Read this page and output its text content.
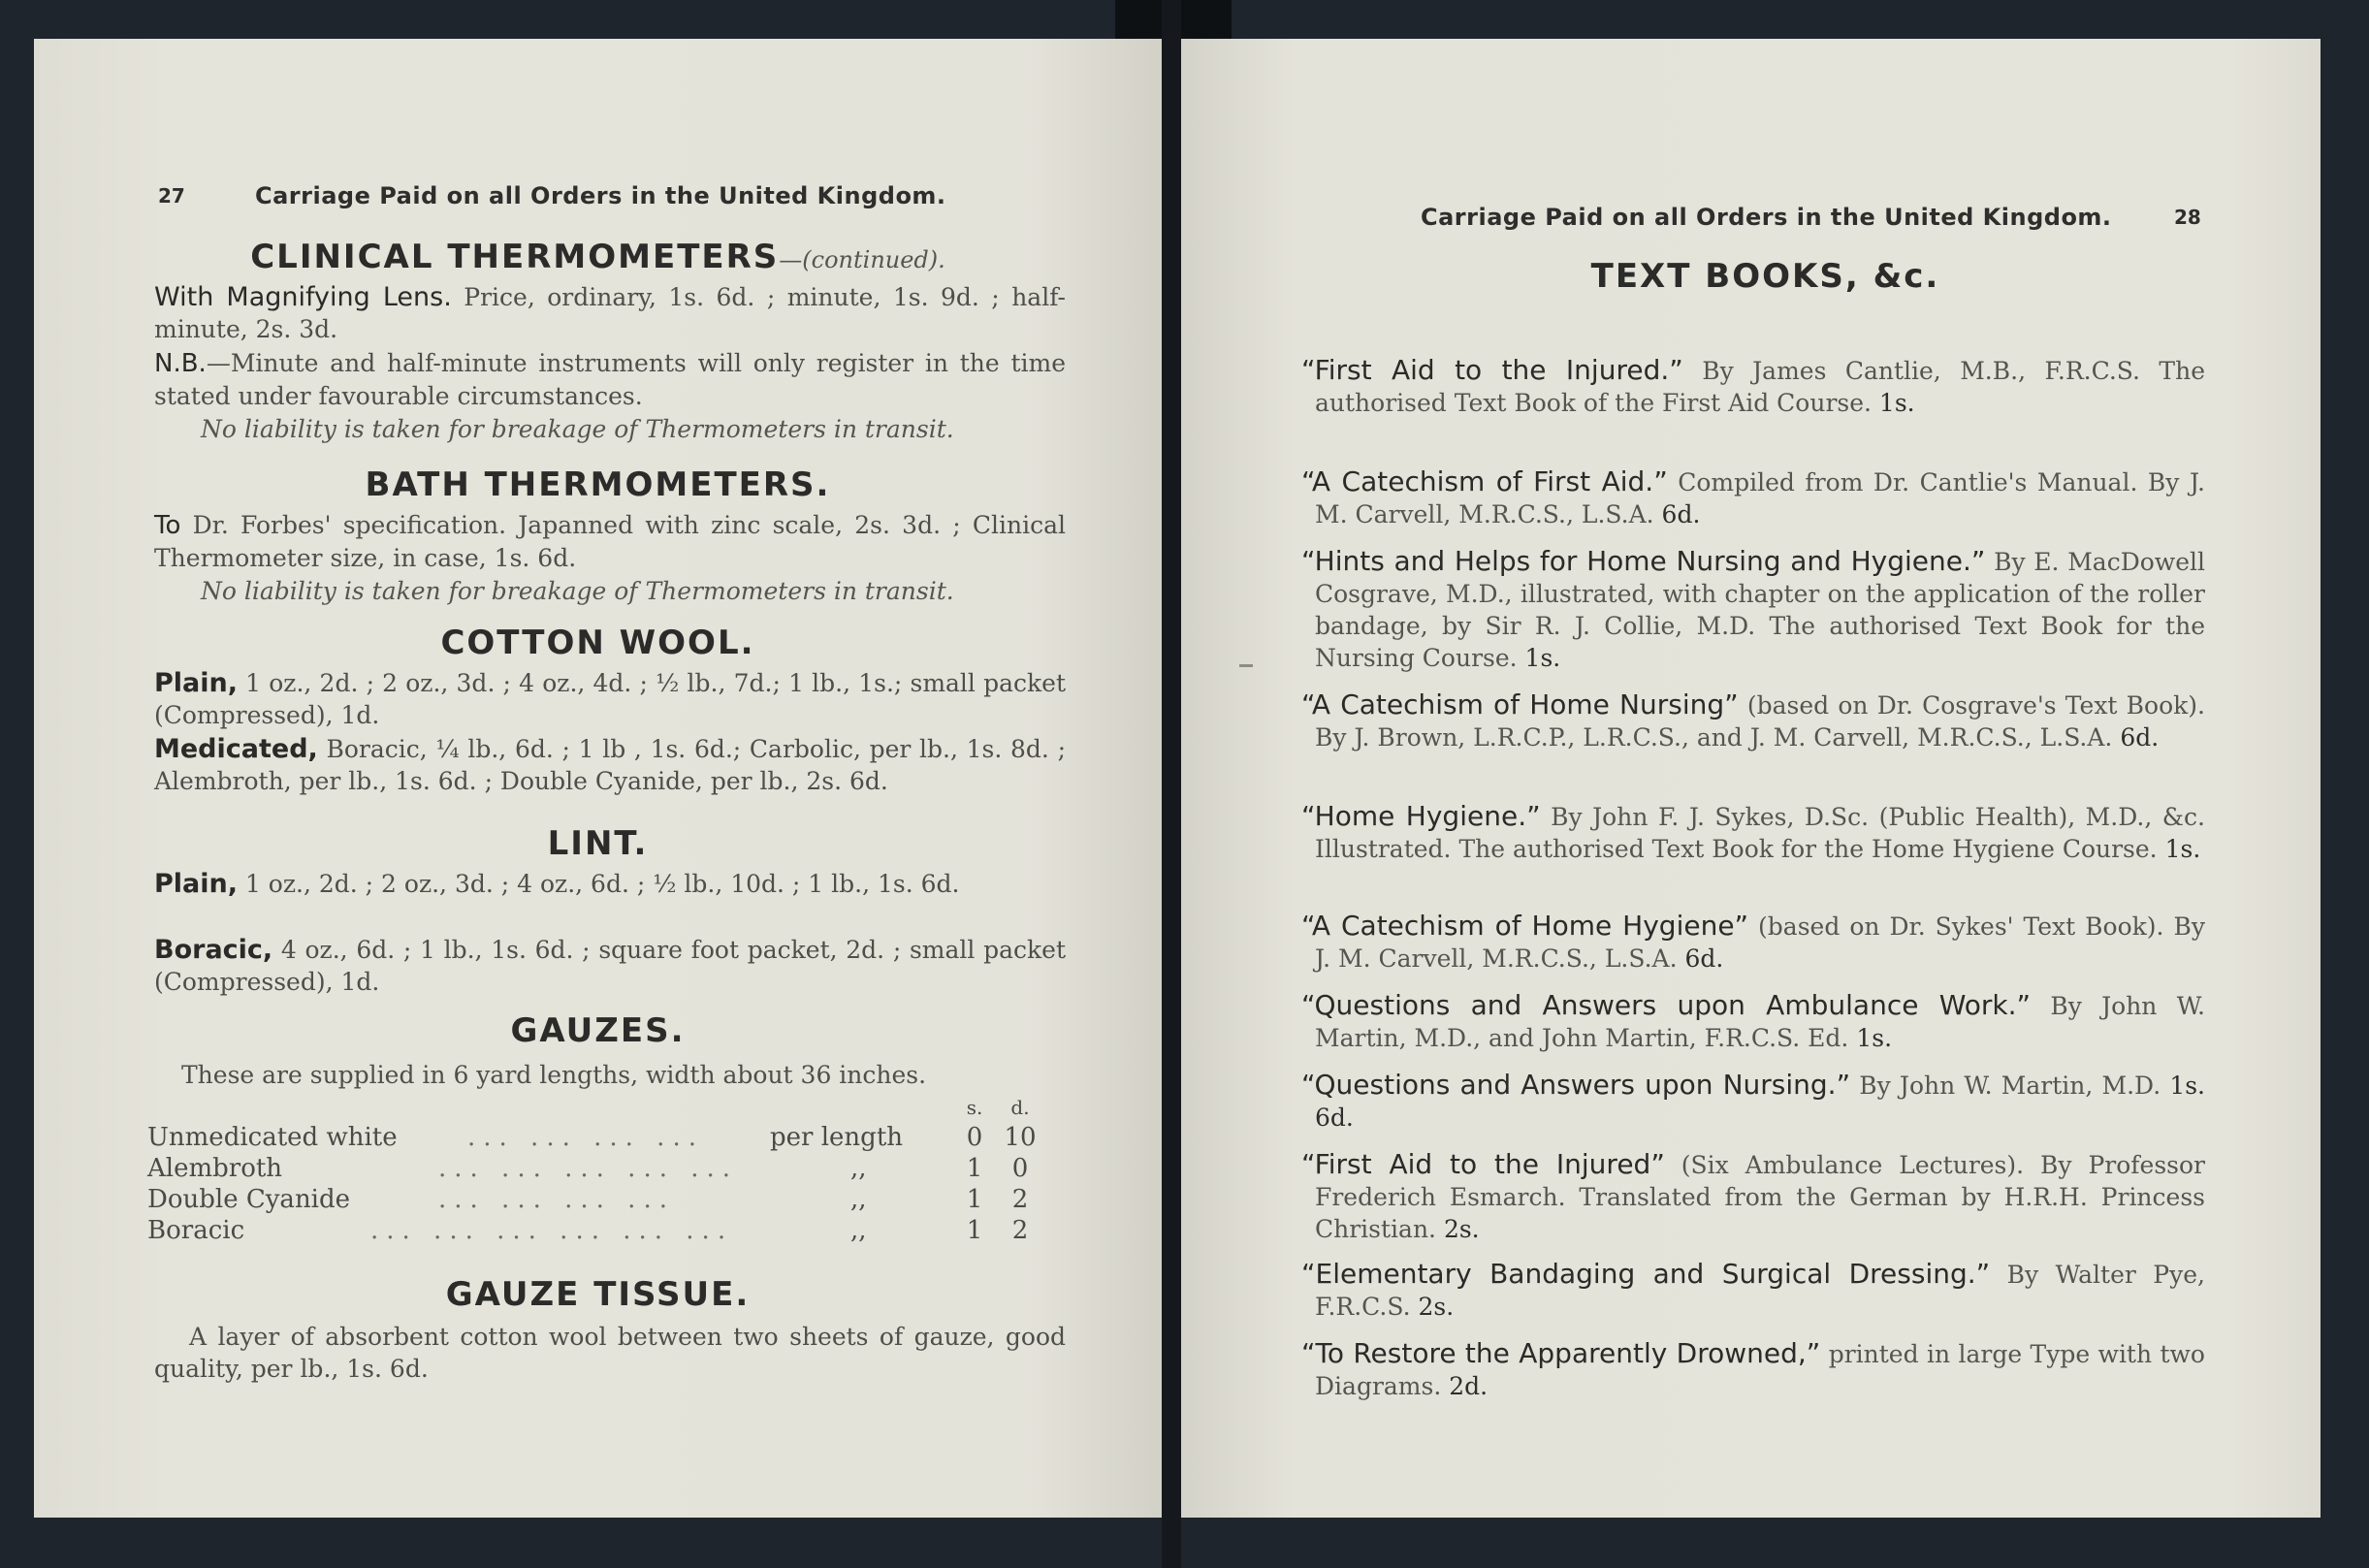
27	Carriage Paid on all Orders in the United Kingdom.
CLINICAL THERMOMETERS—(continued).
With Magnifying Lens. Price, ordinary, 1s. 6d. ; minute, 1s. 9d. ; half-minute, 2s. 3d.
N.B.—Minute and half-minute instruments will only register in the time stated under favourable circumstances.
No liability is taken for breakage of Thermometers in transit.
BATH THERMOMETERS.
To Dr. Forbes' specification. Japanned with zinc scale, 2s. 3d. ; Clinical Thermometer size, in case, 1s. 6d.
No liability is taken for breakage of Thermometers in transit.
COTTON WOOL.
Plain, 1 oz., 2d. ; 2 oz., 3d. ; 4 oz., 4d. ; ½ lb., 7d.; 1 lb., 1s.; small packet (Compressed), 1d.
Medicated, Boracic, ¼ lb., 6d. ; 1 lb , 1s. 6d.; Carbolic, per lb., 1s. 8d. ; Alembroth, per lb., 1s. 6d. ; Double Cyanide, per lb., 2s. 6d.
LINT.
Plain, 1 oz., 2d. ; 2 oz., 3d. ; 4 oz., 6d. ; ½ lb., 10d. ; 1 lb., 1s. 6d.
Boracic, 4 oz., 6d. ; 1 lb., 1s. 6d. ; square foot packet, 2d. ; small packet (Compressed), 1d.
GAUZES.
These are supplied in 6 yard lengths, width about 36 inches.
s.	d.
Unmedicated white	... ... ... ...	per length	0 10
Alembroth	... ... ... ... ...	,,	1	0
Double Cyanide	... ... ... ...	,,	1	2
Boracic	... ... ... ... ... ...	,,	1	2
GAUZE TISSUE.
A layer of absorbent cotton wool between two sheets of gauze, good quality, per lb., 1s. 6d.
Carriage Paid on all Orders in the United Kingdom.	28
TEXT BOOKS, &c.
“First Aid to the Injured.” By James Cantlie, M.B., F.R.C.S. The authorised Text Book of the First Aid Course. 1s.
“A Catechism of First Aid.” Compiled from Dr. Cantlie's Manual. By J. M. Carvell, M.R.C.S., L.S.A. 6d.
“Hints and Helps for Home Nursing and Hygiene.” By E. MacDowell Cosgrave, M.D., illustrated, with chapter on the application of the roller bandage, by Sir R. J. Collie, M.D. The authorised Text Book for the Nursing Course. 1s.
“A Catechism of Home Nursing” (based on Dr. Cosgrave's Text Book). By J. Brown, L.R.C.P., L.R.C.S., and J. M. Carvell, M.R.C.S., L.S.A. 6d.
“Home Hygiene.” By John F. J. Sykes, D.Sc. (Public Health), M.D., &c. Illustrated. The authorised Text Book for the Home Hygiene Course. 1s.
“A Catechism of Home Hygiene” (based on Dr. Sykes' Text Book). By J. M. Carvell, M.R.C.S., L.S.A. 6d.
“Questions and Answers upon Ambulance Work.” By John W. Martin, M.D., and John Martin, F.R.C.S. Ed. 1s.
“Questions and Answers upon Nursing.” By John W. Martin, M.D. 1s. 6d.
“First Aid to the Injured” (Six Ambulance Lectures). By Professor Frederich Esmarch. Translated from the German by H.R.H. Princess Christian. 2s.
“Elementary Bandaging and Surgical Dressing.” By Walter Pye, F.R.C.S. 2s.
“To Restore the Apparently Drowned,” printed in large Type with two Diagrams. 2d.
